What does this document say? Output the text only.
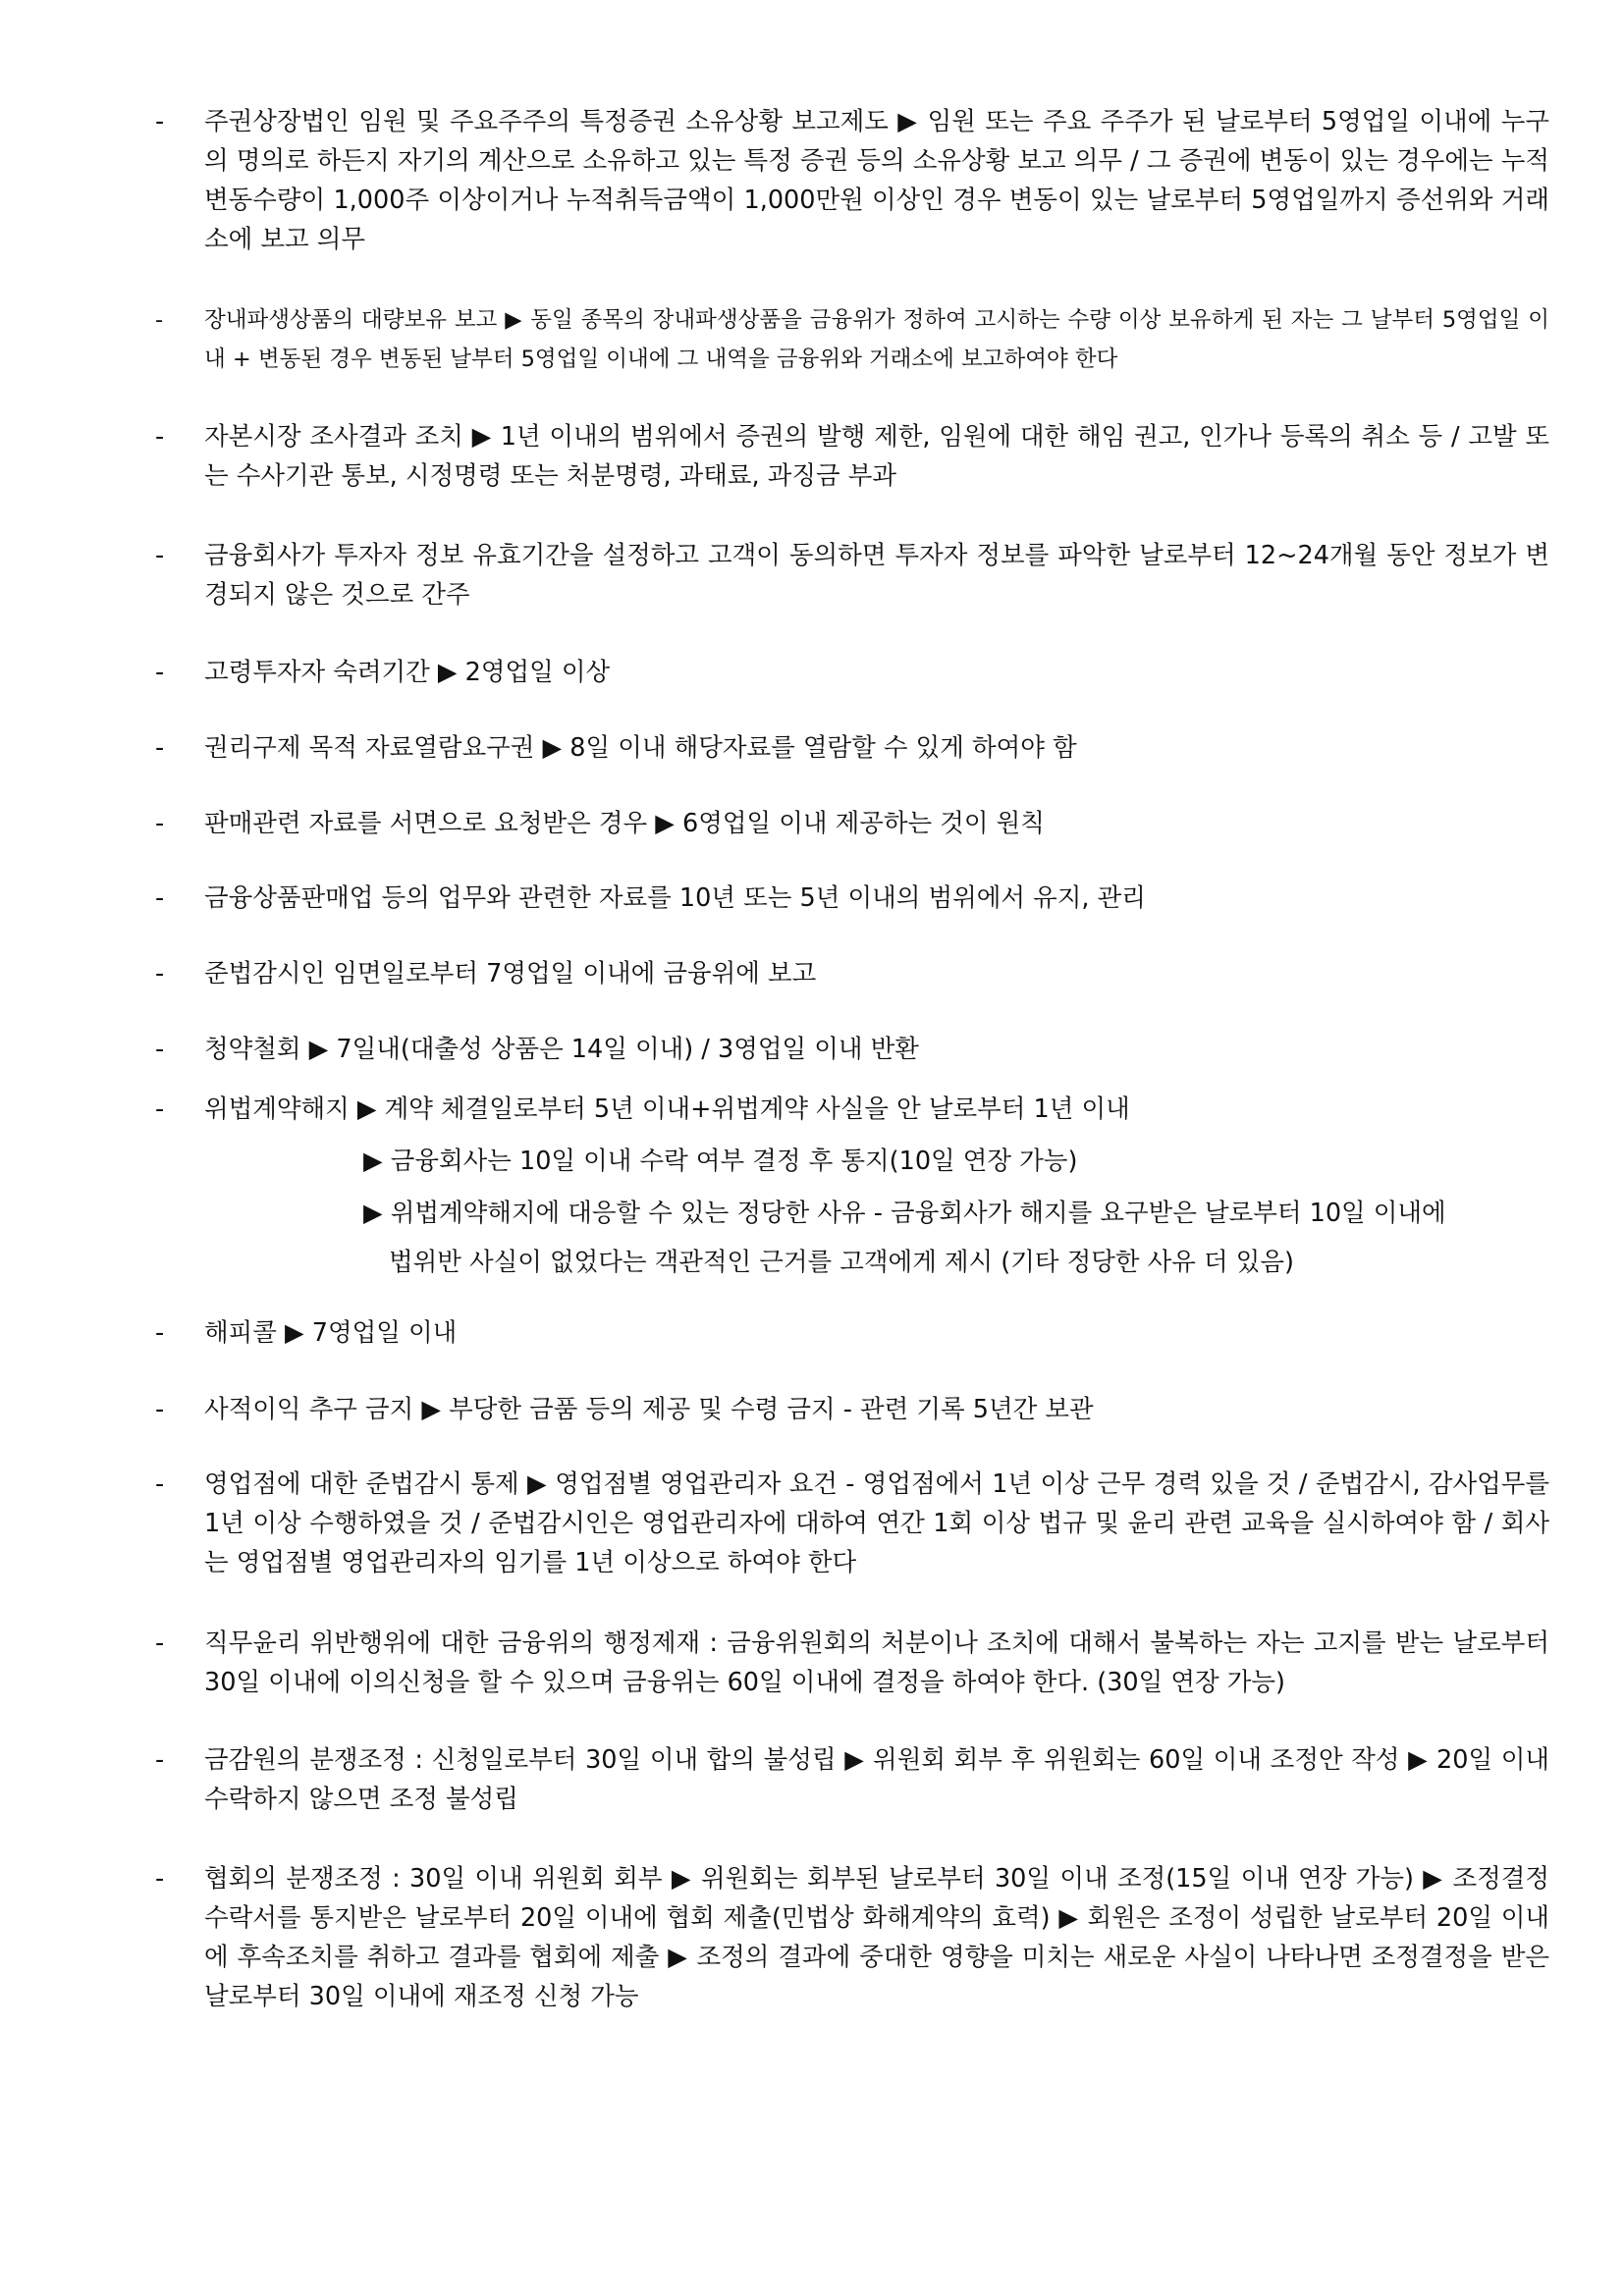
-	주권상장법인 임원 및 주요주주의 특정증권 소유상황 보고제도 ▶ 임원 또는 주요 주주가 된 날로부터 5영업일 이내에 누구의 명의로 하든지 자기의 계산으로 소유하고 있는 특정 증권 등의 소유상황 보고 의무 / 그 증권에 변동이 있는 경우에는 누적 변동수량이 1,000주 이상이거나 누적취득금액이 1,000만원 이상인 경우 변동이 있는 날로부터 5영업일까지 증선위와 거래소에 보고 의무
-	장내파생상품의 대량보유 보고 ▶ 동일 종목의 장내파생상품을 금융위가 정하여 고시하는 수량 이상 보유하게 된 자는 그 날부터 5영업일 이내 + 변동된 경우 변동된 날부터 5영업일 이내에 그 내역을 금융위와 거래소에 보고하여야 한다
-	자본시장 조사결과 조치 ▶ 1년 이내의 범위에서 증권의 발행 제한, 임원에 대한 해임 권고, 인가나 등록의 취소 등 / 고발 또는 수사기관 통보, 시정명령 또는 처분명령, 과태료, 과징금 부과
-	금융회사가 투자자 정보 유효기간을 설정하고 고객이 동의하면 투자자 정보를 파악한 날로부터 12~24개월 동안 정보가 변경되지 않은 것으로 간주
-	고령투자자 숙려기간 ▶ 2영업일 이상
-	권리구제 목적 자료열람요구권 ▶ 8일 이내 해당자료를 열람할 수 있게 하여야 함
-	판매관련 자료를 서면으로 요청받은 경우 ▶ 6영업일 이내 제공하는 것이 원칙
-	금융상품판매업 등의 업무와 관련한 자료를 10년 또는 5년 이내의 범위에서 유지, 관리
-	준법감시인 임면일로부터 7영업일 이내에 금융위에 보고
-	청약철회 ▶ 7일내(대출성 상품은 14일 이내) / 3영업일 이내 반환
-	위법계약해지 ▶ 계약 체결일로부터 5년 이내+위법계약 사실을 안 날로부터 1년 이내
▶ 금융회사는 10일 이내 수락 여부 결정 후 통지(10일 연장 가능)
▶ 위법계약해지에 대응할 수 있는 정당한 사유 - 금융회사가 해지를 요구받은 날로부터 10일 이내에
법위반 사실이 없었다는 객관적인 근거를 고객에게 제시 (기타 정당한 사유 더 있음)
-	해피콜 ▶ 7영업일 이내
-	사적이익 추구 금지 ▶ 부당한 금품 등의 제공 및 수령 금지 - 관련 기록 5년간 보관
-	영업점에 대한 준법감시 통제 ▶ 영업점별 영업관리자 요건 - 영업점에서 1년 이상 근무 경력 있을 것 / 준법감시, 감사업무를 1년 이상 수행하였을 것 / 준법감시인은 영업관리자에 대하여 연간 1회 이상 법규 및 윤리 관련 교육을 실시하여야 함 / 회사는 영업점별 영업관리자의 임기를 1년 이상으로 하여야 한다
-	직무윤리 위반행위에 대한 금융위의 행정제재 : 금융위원회의 처분이나 조치에 대해서 불복하는 자는 고지를 받는 날로부터 30일 이내에 이의신청을 할 수 있으며 금융위는 60일 이내에 결정을 하여야 한다. (30일 연장 가능)
-	금감원의 분쟁조정 : 신청일로부터 30일 이내 합의 불성립 ▶ 위원회 회부 후 위원회는 60일 이내 조정안 작성 ▶ 20일 이내 수락하지 않으면 조정 불성립
-	협회의 분쟁조정 : 30일 이내 위원회 회부 ▶ 위원회는 회부된 날로부터 30일 이내 조정(15일 이내 연장 가능) ▶ 조정결정수락서를 통지받은 날로부터 20일 이내에 협회 제출(민법상 화해계약의 효력) ▶ 회원은 조정이 성립한 날로부터 20일 이내에 후속조치를 취하고 결과를 협회에 제출 ▶ 조정의 결과에 중대한 영향을 미치는 새로운 사실이 나타나면 조정결정을 받은 날로부터 30일 이내에 재조정 신청 가능
